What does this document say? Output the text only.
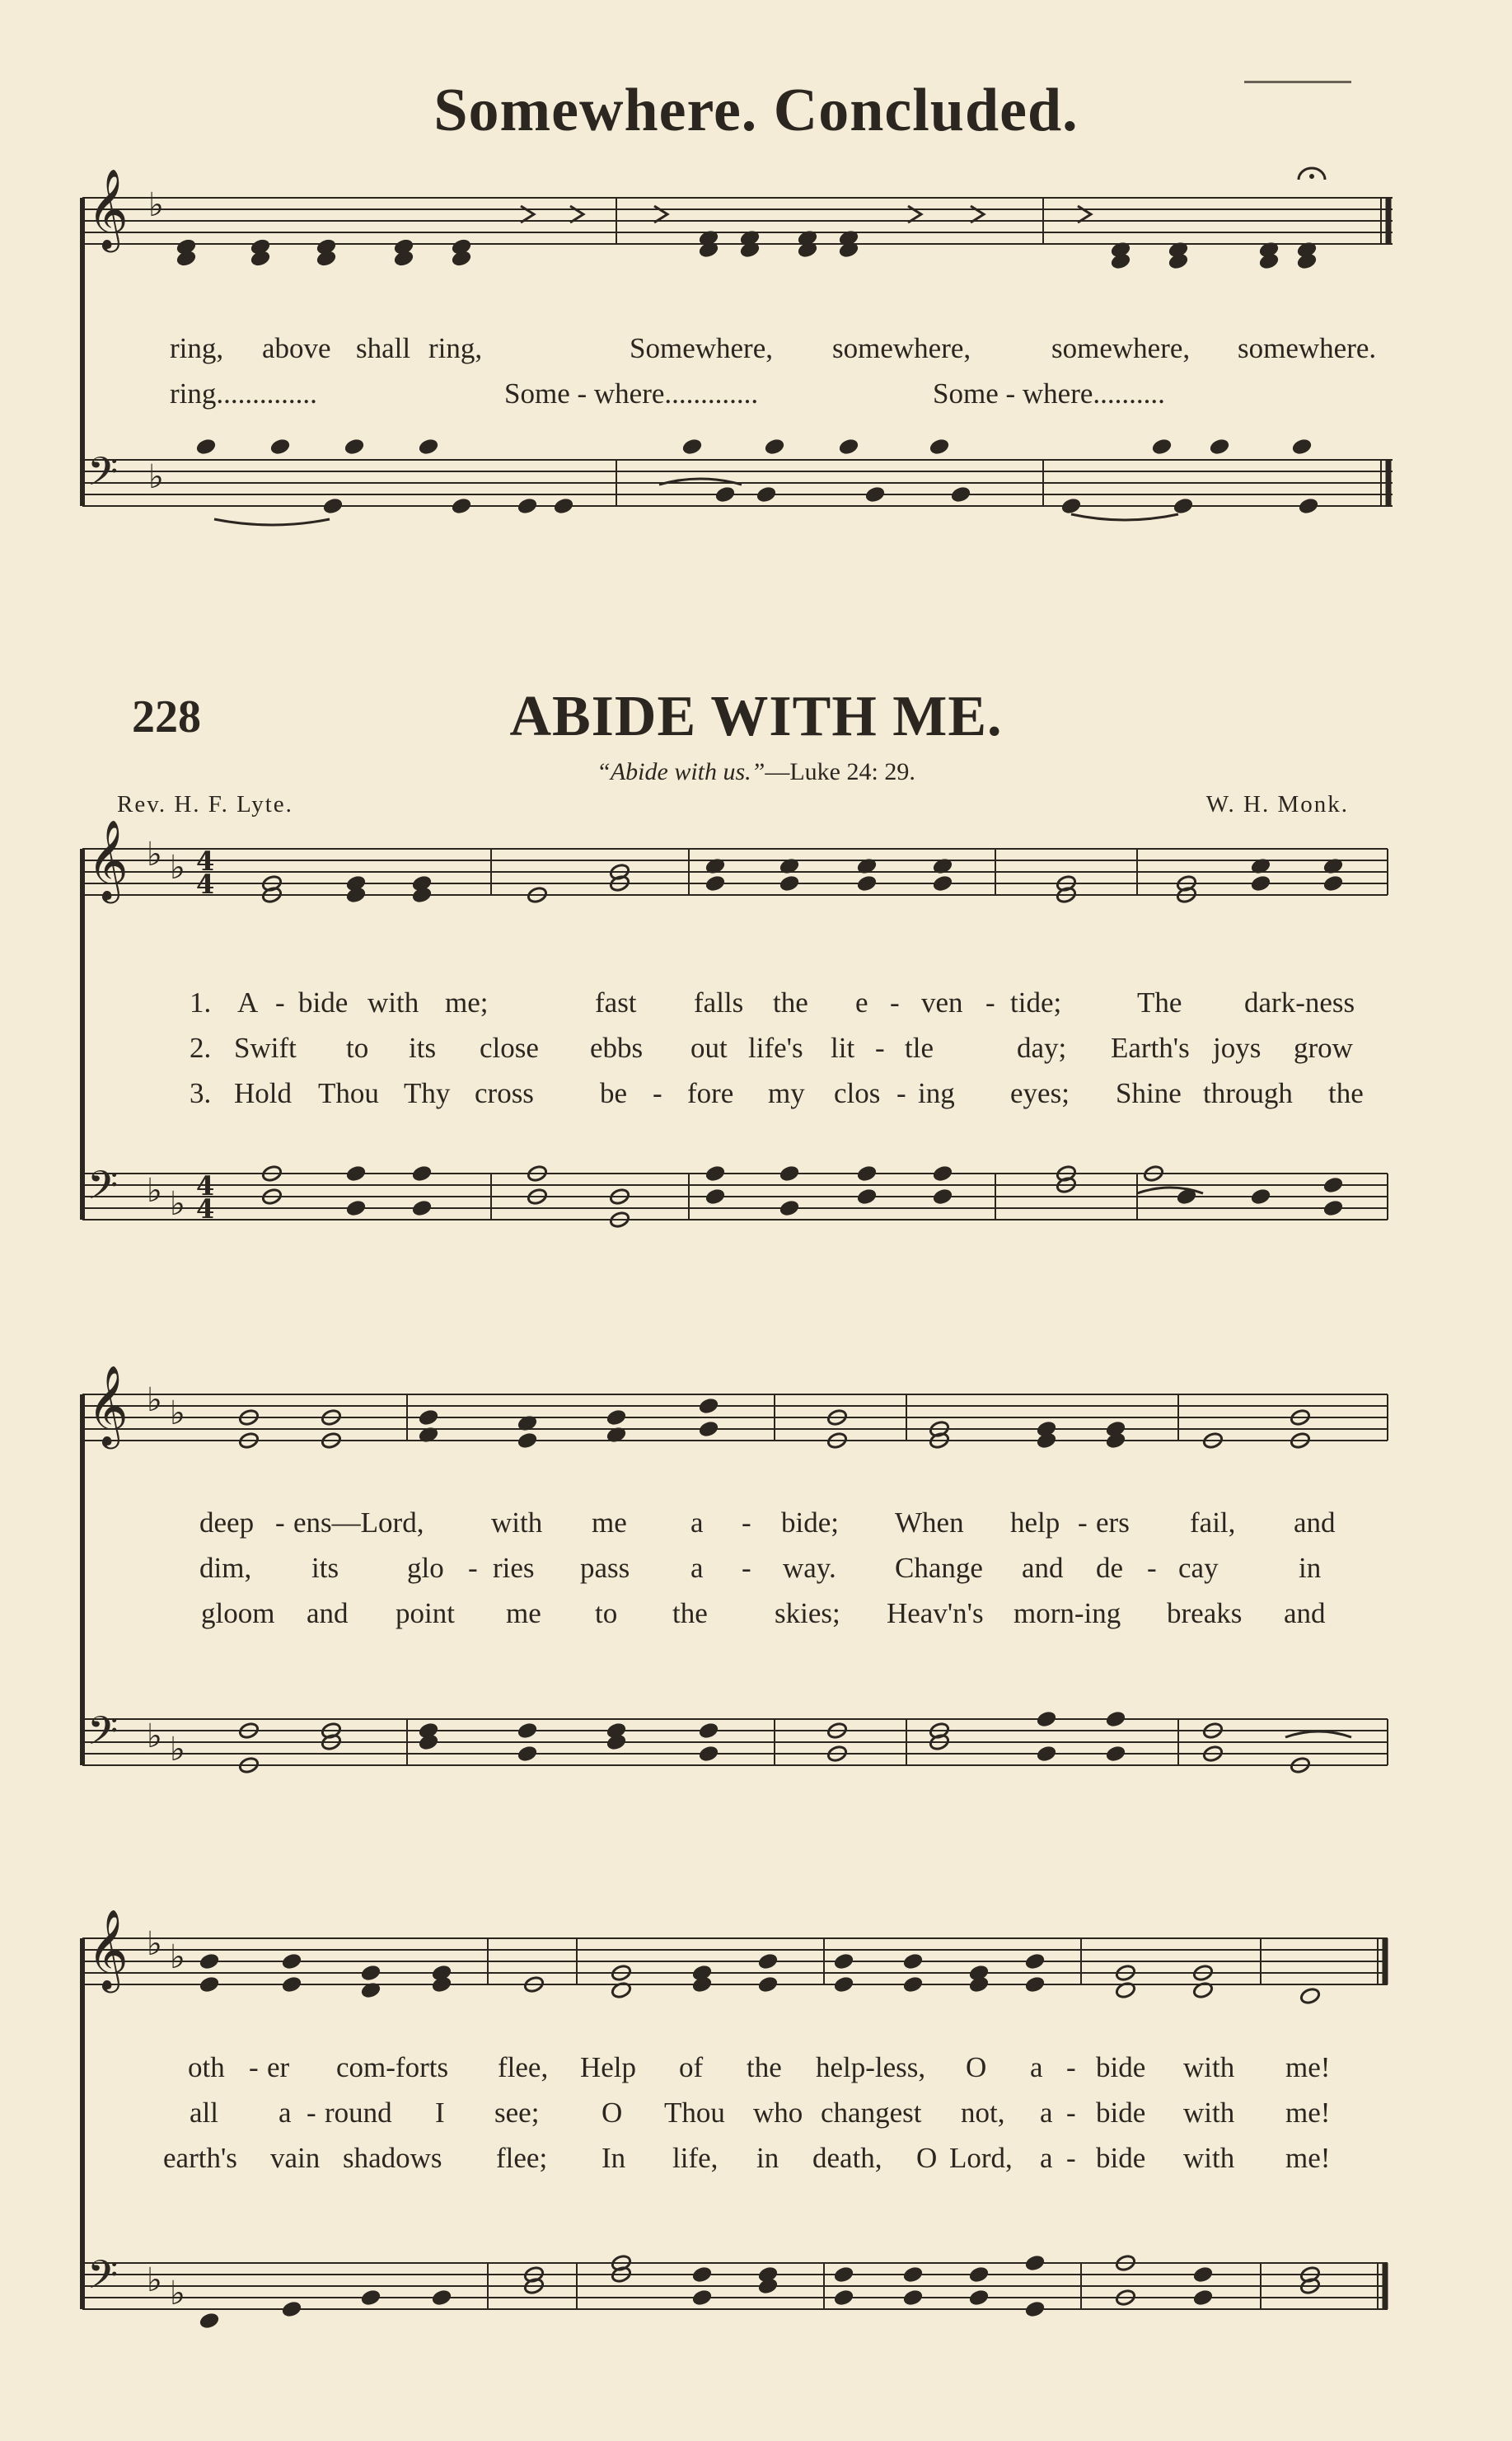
Somewhere. Concluded.
𝄞
𝄢
♭
♭
𝄞
𝄢
♭ ♭
♭ ♭
4
4
4
4
𝄞
𝄢
♭ ♭
♭ ♭
𝄞
𝄢
♭ ♭
♭ ♭
ring, above shall ring,	Somewhere, somewhere,	somewhere, somewhere.
ring..............	Some - where.............	Some - where..........
228	ABIDE WITH ME.
“Abide with us.”—Luke 24: 29.
Rev. H. F. Lyte.	W. H. Monk.
1. A - bide with me;	fast falls the e - ven - tide;	The dark-ness
2. Swift to its close ebbs out life's lit - tle	day; Earth's joys grow
3. Hold Thou Thy cross be - fore my clos - ing eyes; Shine through the
deep - ens—Lord, with me a - bide; When help - ers fail, and
dim, its glo - ries pass a - way. Change and de - cay	in
gloom and point me to the skies; Heav'n's morn-ing breaks and
oth - er com-forts flee, Help of the help-less, O a - bide with me!
all a - round I see; O Thou who changest not, a - bide with me!
earth's vain shadows flee; In life, in death, O Lord, a - bide with me!
